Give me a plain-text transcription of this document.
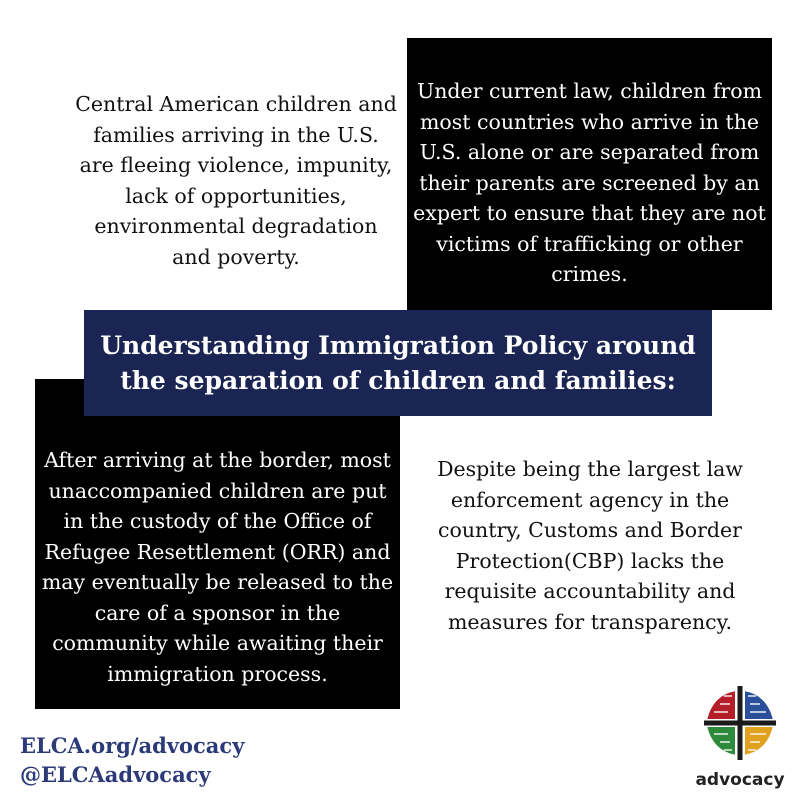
Central American children and families arriving in the U.S. are fleeing violence, impunity, lack of opportunities, environmental degradation and poverty.
Under current law, children from most countries who arrive in the U.S. alone or are separated from their parents are screened by an expert to ensure that they are not victims of trafficking or other crimes.
After arriving at the border, most unaccompanied children are put in the custody of the Office of Refugee Resettlement (ORR) and may eventually be released to the care of a sponsor in the community while awaiting their immigration process.
Despite being the largest law enforcement agency in the country, Customs and Border Protection(CBP) lacks the requisite accountability and measures for transparency.
Understanding Immigration Policy around the separation of children and families:
ELCA.org/advocacy
@ELCAadvocacy	advocacy
